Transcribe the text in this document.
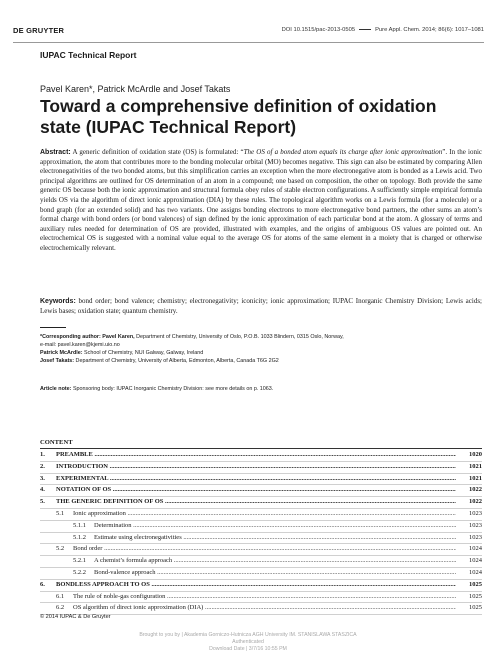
DE GRUYTER	DOI 10.1515/pac-2013-0505	Pure Appl. Chem. 2014; 86(6): 1017–1081
IUPAC Technical Report
Pavel Karen*, Patrick McArdle and Josef Takats
Toward a comprehensive definition of oxidation state (IUPAC Technical Report)

Abstract: A generic definition of oxidation state (OS) is formulated: “The OS of a bonded atom equals its charge after ionic approximation”. In the ionic approximation, the atom that contributes more to the bonding molecular orbital (MO) becomes negative. This sign can also be estimated by comparing Allen electronegativities of the two bonded atoms, but this simplification carries an exception when the more electronegative atom is bonded as a Lewis acid. Two principal algorithms are outlined for OS determination of an atom in a compound; one based on composition, the other on topology. Both provide the same generic OS because both the ionic approximation and structural formula obey rules of stable electron configurations. A sufficiently simple empirical formula yields OS via the algorithm of direct ionic approximation (DIA) by these rules. The topological algorithm works on a Lewis formula (for a molecule) or a bond graph (for an extended solid) and has two variants. One assigns bonding electrons to more electronegative bond partners, the other sums an atom’s formal charge with bond orders (or bond valences) of sign defined by the ionic approximation of each particular bond at the atom. A glossary of terms and auxiliary rules needed for determination of OS are provided, illustrated with examples, and the origins of ambiguous OS values are pointed out. An electrochemical OS is suggested with a nominal value equal to the average OS for atoms of the same element in a moiety that is charged or otherwise electrochemically relevant.

Keywords: bond order; bond valence; chemistry; electronegativity; iconicity; ionic approximation; IUPAC Inorganic Chemistry Division; Lewis acids; Lewis bases; oxidation state; quantum chemistry.

*Corresponding author: Pavel Karen, Department of Chemistry, University of Oslo, P.O.B. 1033 Blindern, 0315 Oslo, Norway,
e-mail: pavel.karen@kjemi.uio.no
Patrick McArdle: School of Chemistry, NUI Galway, Galway, Ireland
Josef Takats: Department of Chemistry, University of Alberta, Edmonton, Alberta, Canada T6G 2G2
Article note: Sponsoring body: IUPAC Inorganic Chemistry Division: see more details on p. 1063.
CONTENT
1. PREAMBLE .....	1020
2. INTRODUCTION .....	1021
3. EXPERIMENTAL .....	1021
4. NOTATION OF OS .....	1022
5. THE GENERIC DEFINITION OF OS .....	1022
5.1 Ionic approximation .....	1023
5.1.1 Determination .....	1023
5.1.2 Estimate using electronegativities .....	1023
5.2 Bond order .....	1024
5.2.1 A chemist’s formula approach .....	1024
5.2.2 Bond-valence approach .....	1024
6. BONDLESS APPROACH TO OS .....	1025
6.1 The rule of noble-gas configuration .....	1025
6.2 OS algorithm of direct ionic approximation (DIA) .....	1025
© 2014 IUPAC & De Gruyter
Brought to you by | Akademia Gorniczo-Hutnicza AGH University IM. STANISLAWA STASZICA
Authenticated
Download Date | 3/7/16 10:55 PM
